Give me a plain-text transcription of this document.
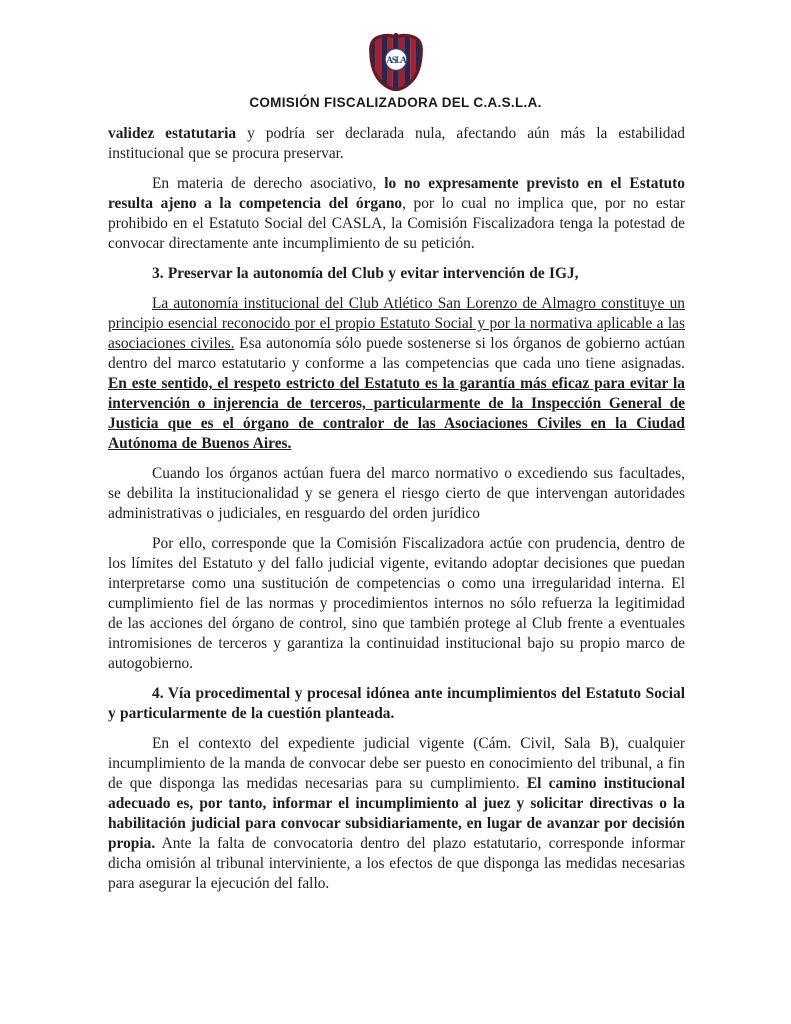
ASLA
COMISIÓN FISCALIZADORA DEL C.A.S.L.A.

validez estatutaria y podría ser declarada nula, afectando aún más la estabilidad institucional que se procura preservar.

En materia de derecho asociativo, lo no expresamente previsto en el Estatuto resulta ajeno a la competencia del órgano, por lo cual no implica que, por no estar prohibido en el Estatuto Social del CASLA, la Comisión Fiscalizadora tenga la potestad de convocar directamente ante incumplimiento de su petición.

3. Preservar la autonomía del Club y evitar intervención de IGJ,

La autonomía institucional del Club Atlético San Lorenzo de Almagro constituye un principio esencial reconocido por el propio Estatuto Social y por la normativa aplicable a las asociaciones civiles. Esa autonomía sólo puede sostenerse si los órganos de gobierno actúan dentro del marco estatutario y conforme a las competencias que cada uno tiene asignadas. En este sentido, el respeto estricto del Estatuto es la garantía más eficaz para evitar la intervención o injerencia de terceros, particularmente de la Inspección General de Justicia que es el órgano de contralor de las Asociaciones Civiles en la Ciudad Autónoma de Buenos Aires.

Cuando los órganos actúan fuera del marco normativo o excediendo sus facultades, se debilita la institucionalidad y se genera el riesgo cierto de que intervengan autoridades administrativas o judiciales, en resguardo del orden jurídico

Por ello, corresponde que la Comisión Fiscalizadora actúe con prudencia, dentro de los límites del Estatuto y del fallo judicial vigente, evitando adoptar decisiones que puedan interpretarse como una sustitución de competencias o como una irregularidad interna. El cumplimiento fiel de las normas y procedimientos internos no sólo refuerza la legitimidad de las acciones del órgano de control, sino que también protege al Club frente a eventuales intromisiones de terceros y garantiza la continuidad institucional bajo su propio marco de autogobierno.

4. Vía procedimental y procesal idónea ante incumplimientos del Estatuto Social y particularmente de la cuestión planteada.

En el contexto del expediente judicial vigente (Cám. Civil, Sala B), cualquier incumplimiento de la manda de convocar debe ser puesto en conocimiento del tribunal, a fin de que disponga las medidas necesarias para su cumplimiento. El camino institucional adecuado es, por tanto, informar el incumplimiento al juez y solicitar directivas o la habilitación judicial para convocar subsidiariamente, en lugar de avanzar por decisión propia. Ante la falta de convocatoria dentro del plazo estatutario, corresponde informar dicha omisión al tribunal interviniente, a los efectos de que disponga las medidas necesarias para asegurar la ejecución del fallo.
